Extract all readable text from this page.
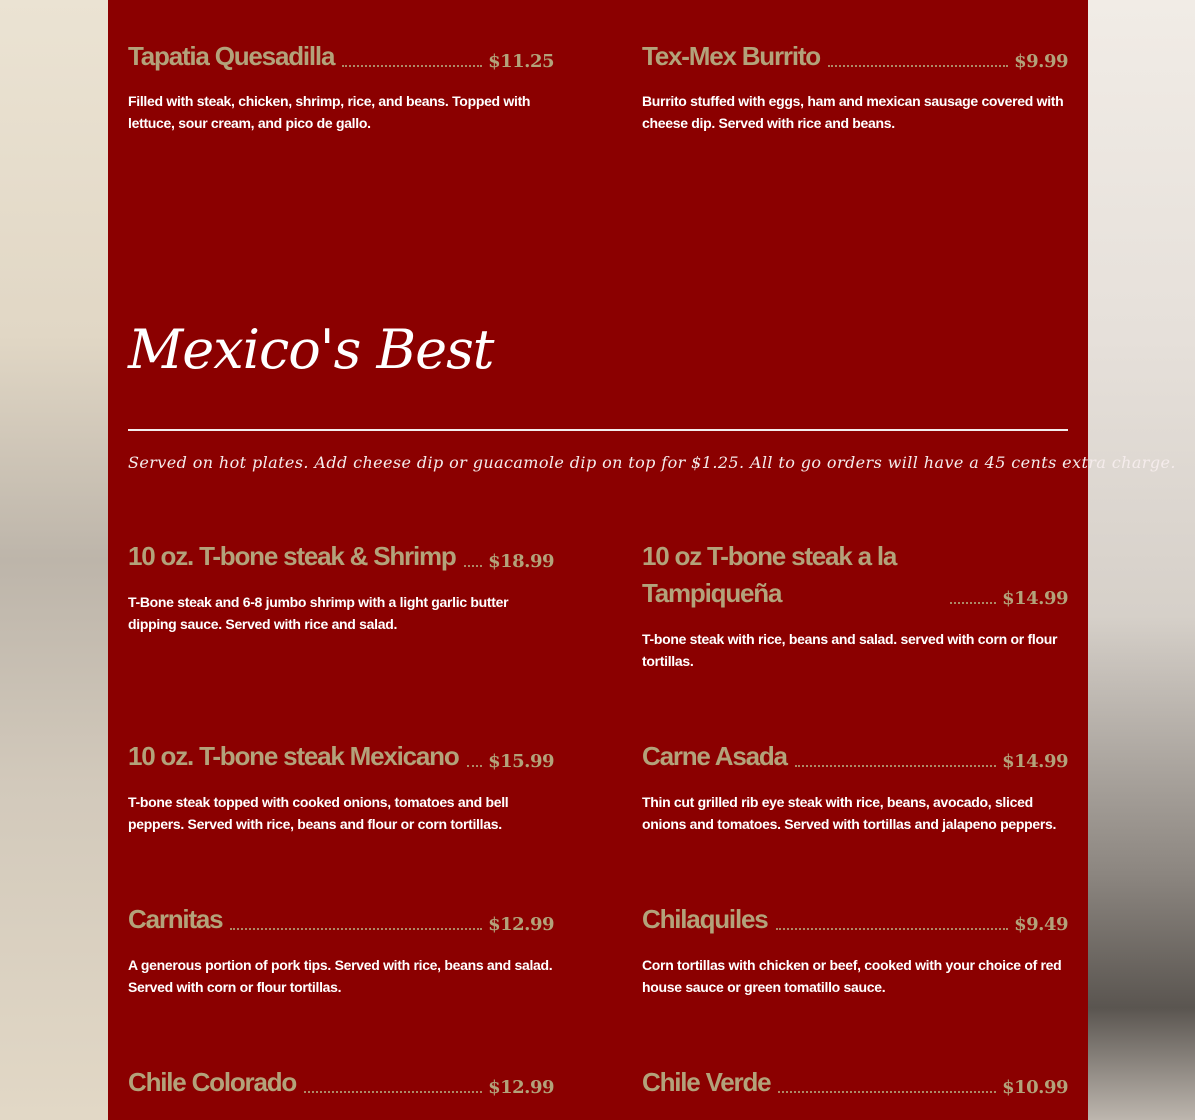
Tapatia Quesadilla	$11.25
Filled with steak, chicken, shrimp, rice, and beans. Topped with lettuce, sour cream, and pico de gallo.
Tex-Mex Burrito	$9.99
Burrito stuffed with eggs, ham and mexican sausage covered with cheese dip. Served with rice and beans.
Mexico's Best
Served on hot plates. Add cheese dip or guacamole dip on top for $1.25. All to go orders will have a 45 cents extra charge.
10 oz. T-bone steak & Shrimp $18.99
T-Bone steak and 6-8 jumbo shrimp with a light garlic butter dipping sauce. Served with rice and salad.
10 oz T-bone steak a la Tampiqueña	$14.99
T-bone steak with rice, beans and salad. served with corn or flour tortillas.
10 oz. T-bone steak Mexicano $15.99
T-bone steak topped with cooked onions, tomatoes and bell peppers. Served with rice, beans and flour or corn tortillas.
Carne Asada	$14.99
Thin cut grilled rib eye steak with rice, beans, avocado, sliced onions and tomatoes. Served with tortillas and jalapeno peppers.
Carnitas	$12.99
A generous portion of pork tips. Served with rice, beans and salad. Served with corn or flour tortillas.
Chilaquiles	$9.49
Corn tortillas with chicken or beef, cooked with your choice of red house sauce or green tomatillo sauce.
Chile Colorado	$12.99	Chile Verde	$10.99
